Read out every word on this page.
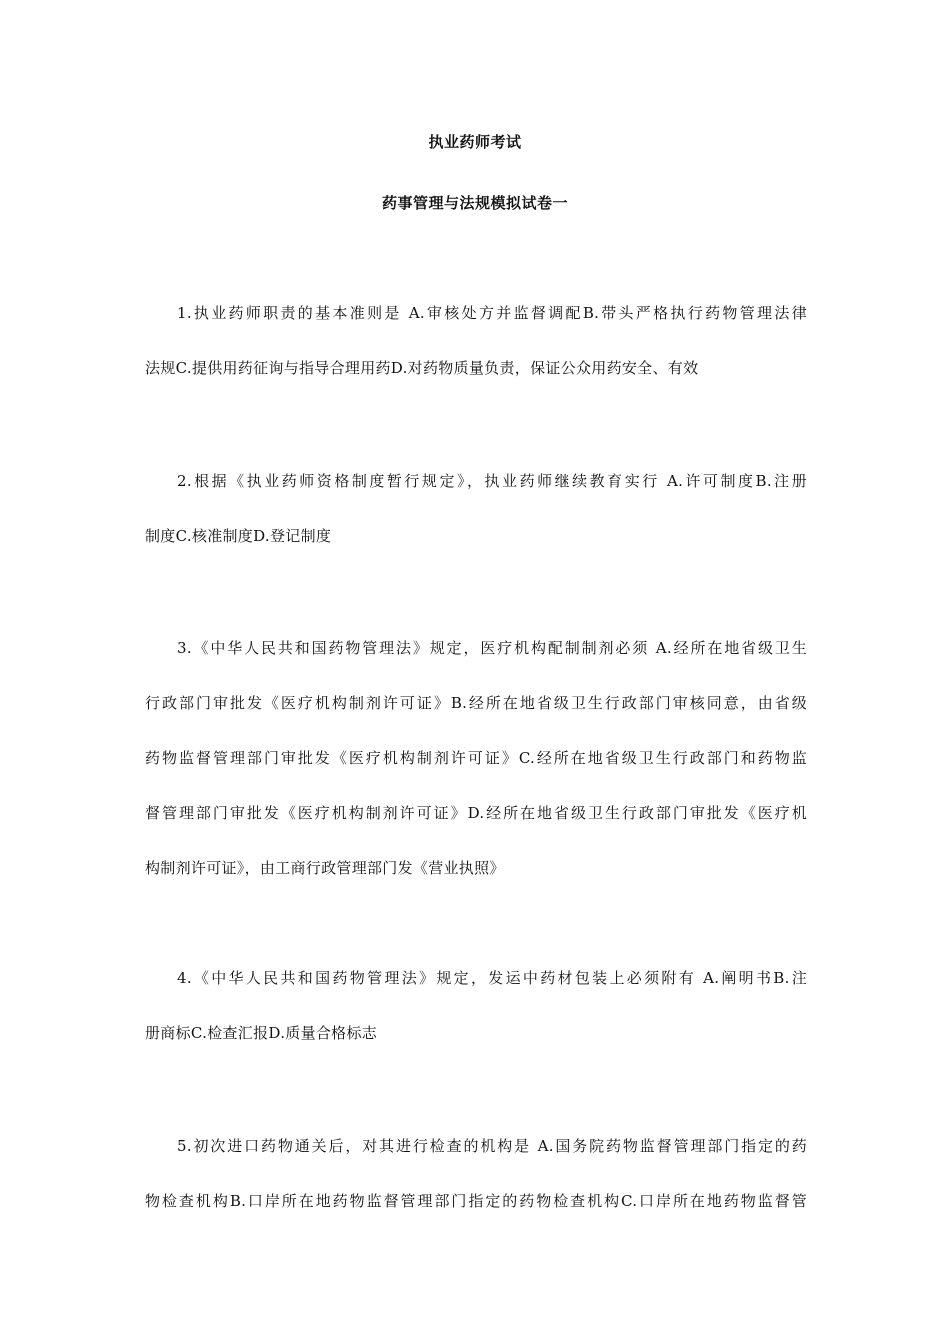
执业药师考试
药事管理与法规模拟试卷一
1.执业药师职责的基本准则是 A.审核处方并监督调配B.带头严格执行药物管理法律
法规C.提供用药征询与指导合理用药D.对药物质量负责，保证公众用药安全、有效
2.根据《执业药师资格制度暂行规定》，执业药师继续教育实行 A.许可制度B.注册
制度C.核准制度D.登记制度
3.《中华人民共和国药物管理法》规定，医疗机构配制制剂必须 A.经所在地省级卫生
行政部门审批发《医疗机构制剂许可证》B.经所在地省级卫生行政部门审核同意，由省级
药物监督管理部门审批发《医疗机构制剂许可证》C.经所在地省级卫生行政部门和药物监
督管理部门审批发《医疗机构制剂许可证》D.经所在地省级卫生行政部门审批发《医疗机
构制剂许可证》，由工商行政管理部门发《营业执照》
4.《中华人民共和国药物管理法》规定，发运中药材包装上必须附有 A.阐明书B.注
册商标C.检查汇报D.质量合格标志
5.初次进口药物通关后，对其进行检查的机构是 A.国务院药物监督管理部门指定的药
物检查机构B.口岸所在地药物监督管理部门指定的药物检查机构C.口岸所在地药物监督管
